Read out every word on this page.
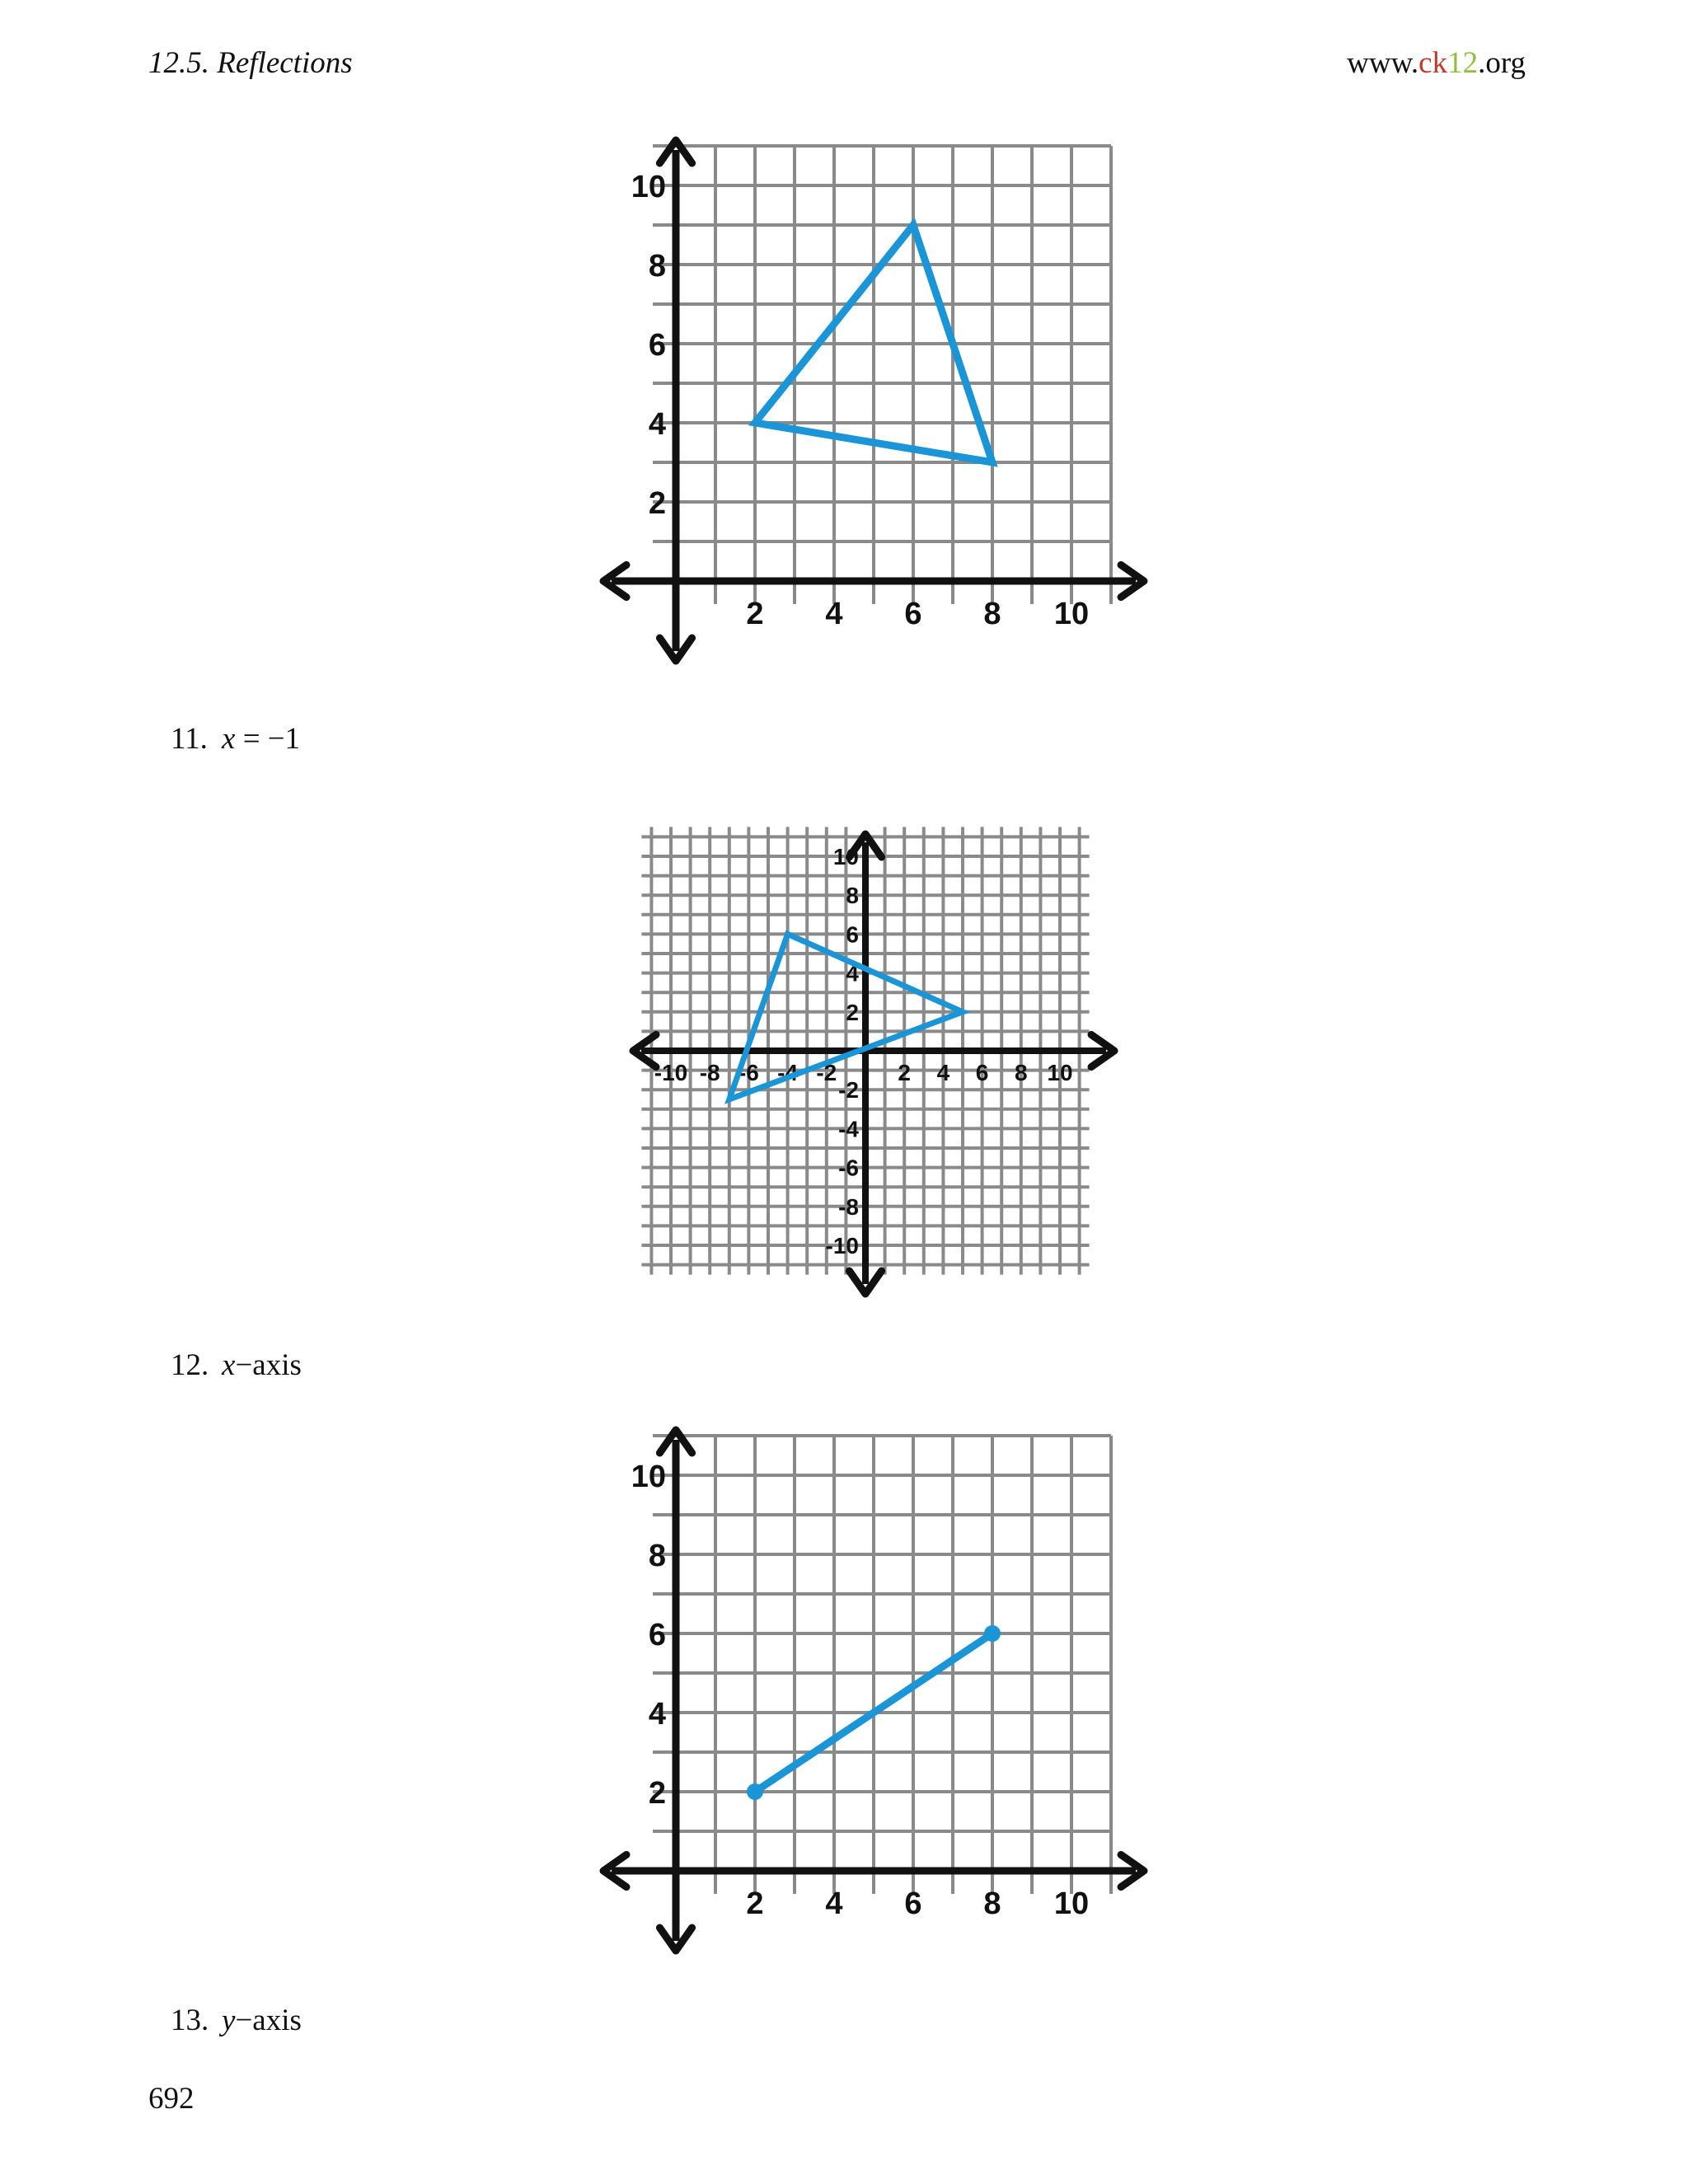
12.5. Reflections	www.ck12.org
2 4 6 8 10
2
4
6
8
10
11. x = −1
-10 -8 -6 -4 -2	2 4 6 8 10
10
8
6
4
2
-2
-4
-6
-8
-10
12. x−axis
2 4 6 8 10
2
4
6
8
10
13. y−axis
692
